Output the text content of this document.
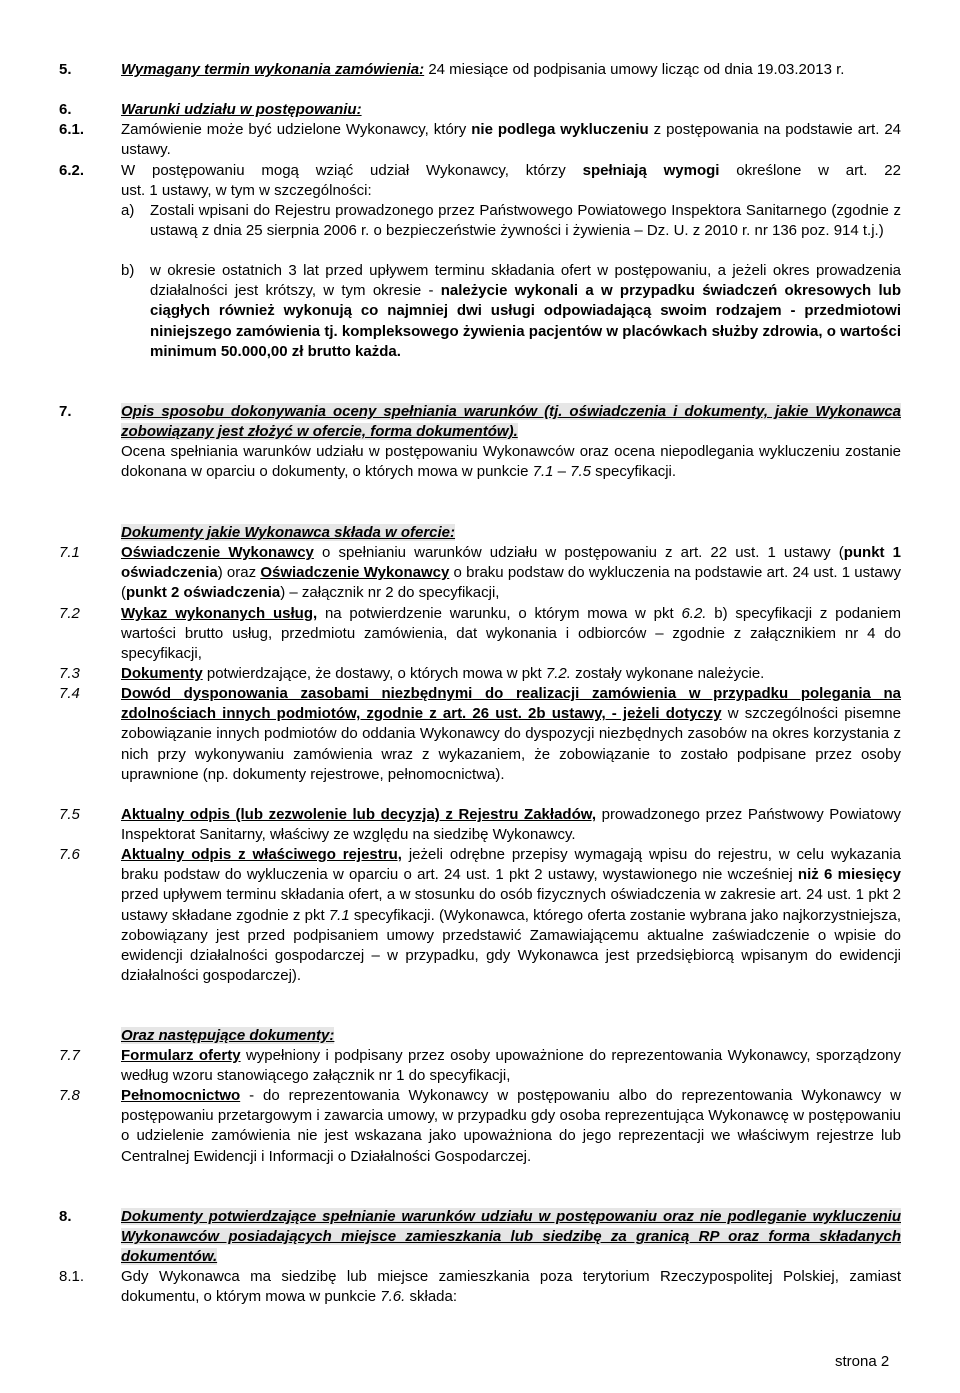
5.	Wymagany termin wykonania zamówienia: 24 miesiące od podpisania umowy licząc od dnia 19.03.2013 r.
6.	Warunki udziału w postępowaniu:
6.1. Zamówienie może być udzielone Wykonawcy, który nie podlega wykluczeniu z postępowania na podstawie art. 24 ustawy.
6.2. W postępowaniu mogą wziąć udział Wykonawcy, którzy spełniają wymogi określone w art. 22
ust. 1 ustawy, w tym w szczególności:
a) Zostali wpisani do Rejestru prowadzonego przez Państwowego Powiatowego Inspektora Sanitarnego (zgodnie z ustawą z dnia 25 sierpnia 2006 r. o bezpieczeństwie żywności i żywienia – Dz. U. z 2010 r. nr 136 poz. 914 t.j.)
b) w okresie ostatnich 3 lat przed upływem terminu składania ofert w postępowaniu, a jeżeli okres prowadzenia działalności jest krótszy, w tym okresie - należycie wykonali a w przypadku świadczeń okresowych lub ciągłych również wykonują co najmniej dwi usługi odpowiadającą swoim rodzajem - przedmiotowi niniejszego zamówienia tj. kompleksowego żywienia pacjentów w placówkach służby zdrowia, o wartości minimum 50.000,00 zł brutto każda.
7.	Opis sposobu dokonywania oceny spełniania warunków (tj. oświadczenia i dokumenty, jakie Wykonawca zobowiązany jest złożyć w ofercie, forma dokumentów).
Ocena spełniania warunków udziału w postępowaniu Wykonawców oraz ocena niepodlegania wykluczeniu zostanie dokonana w oparciu o dokumenty, o których mowa w punkcie 7.1 – 7.5 specyfikacji.
Dokumenty jakie Wykonawca składa w ofercie:
7.1	Oświadczenie Wykonawcy o spełnianiu warunków udziału w postępowaniu z art. 22 ust. 1 ustawy (punkt 1 oświadczenia) oraz Oświadczenie Wykonawcy o braku podstaw do wykluczenia na podstawie art. 24 ust. 1 ustawy (punkt 2 oświadczenia) – załącznik nr 2 do specyfikacji,
7.2	Wykaz wykonanych usług, na potwierdzenie warunku, o którym mowa w pkt 6.2. b) specyfikacji z podaniem wartości brutto usług, przedmiotu zamówienia, dat wykonania i odbiorców – zgodnie z załącznikiem nr 4 do specyfikacji,
7.3	Dokumenty potwierdzające, że dostawy, o których mowa w pkt 7.2. zostały wykonane należycie.
7.4	Dowód dysponowania zasobami niezbędnymi do realizacji zamówienia w przypadku polegania na zdolnościach innych podmiotów, zgodnie z art. 26 ust. 2b ustawy, - jeżeli dotyczy w szczególności pisemne zobowiązanie innych podmiotów do oddania Wykonawcy do dyspozycji niezbędnych zasobów na okres korzystania z nich przy wykonywaniu zamówienia wraz z wykazaniem, że zobowiązanie to zostało podpisane przez osoby uprawnione (np. dokumenty rejestrowe, pełnomocnictwa).
7.5	Aktualny odpis (lub zezwolenie lub decyzja) z Rejestru Zakładów, prowadzonego przez Państwowy Powiatowy Inspektorat Sanitarny, właściwy ze względu na siedzibę Wykonawcy.
7.6	Aktualny odpis z właściwego rejestru, jeżeli odrębne przepisy wymagają wpisu do rejestru, w celu wykazania braku podstaw do wykluczenia w oparciu o art. 24 ust. 1 pkt 2 ustawy, wystawionego nie wcześniej niż 6 miesięcy przed upływem terminu składania ofert, a w stosunku do osób fizycznych oświadczenia w zakresie art. 24 ust. 1 pkt 2 ustawy składane zgodnie z pkt 7.1 specyfikacji. (Wykonawca, którego oferta zostanie wybrana jako najkorzystniejsza, zobowiązany jest przed podpisaniem umowy przedstawić Zamawiającemu aktualne zaświadczenie o wpisie do ewidencji działalności gospodarczej – w przypadku, gdy Wykonawca jest przedsiębiorcą wpisanym do ewidencji działalności gospodarczej).
Oraz następujące dokumenty:
7.7	Formularz oferty wypełniony i podpisany przez osoby upoważnione do reprezentowania Wykonawcy, sporządzony według wzoru stanowiącego załącznik nr 1 do specyfikacji,
7.8	Pełnomocnictwo - do reprezentowania Wykonawcy w postępowaniu albo do reprezentowania Wykonawcy w postępowaniu przetargowym i zawarcia umowy, w przypadku gdy osoba reprezentująca Wykonawcę w postępowaniu o udzielenie zamówienia nie jest wskazana jako upoważniona do jego reprezentacji we właściwym rejestrze lub Centralnej Ewidencji i Informacji o Działalności Gospodarczej.
8.	Dokumenty potwierdzające spełnianie warunków udziału w postępowaniu oraz nie podleganie wykluczeniu Wykonawców posiadających miejsce zamieszkania lub siedzibę za granicą RP oraz forma składanych dokumentów.
8.1. Gdy Wykonawca ma siedzibę lub miejsce zamieszkania poza terytorium Rzeczypospolitej Polskiej, zamiast dokumentu, o którym mowa w punkcie 7.6. składa:
strona 2
